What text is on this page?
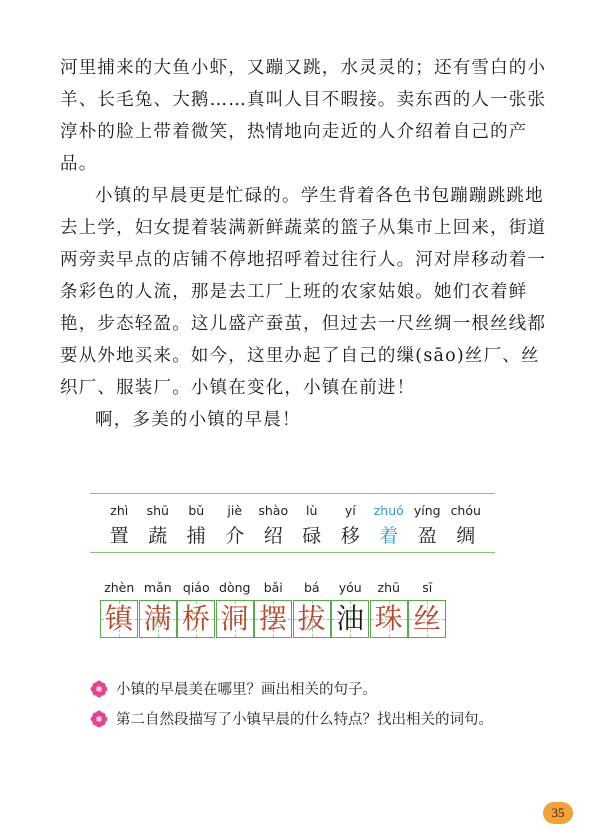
河里捕来的大鱼小虾，又蹦又跳，水灵灵的；还有雪白的小羊、长毛兔、大鹅……真叫人目不暇接。卖东西的人一张张淳朴的脸上带着微笑，热情地向走近的人介绍着自己的产品。

小镇的早晨更是忙碌的。学生背着各色书包蹦蹦跳跳地去上学，妇女提着装满新鲜蔬菜的篮子从集市上回来，街道两旁卖早点的店铺不停地招呼着过往行人。河对岸移动着一条彩色的人流，那是去工厂上班的农家姑娘。她们衣着鲜艳，步态轻盈。这儿盛产蚕茧，但过去一尺丝绸一根丝线都要从外地买来。如今，这里办起了自己的缫(sāo)丝厂、丝织厂、服装厂。小镇在变化，小镇在前进！

啊，多美的小镇的早晨！

zhì
置
shū
蔬
bǔ
捕
jiè
介
shào
绍
lù
碌
yí
移
zhuó
着
yíng
盈
chóu
绸
zhèn
镇
mǎn
满
qiáo
桥
dòng
洞
bǎi
摆
bá
拔
yóu
油
zhū
珠
sī
丝
小镇的早晨美在哪里？画出相关的句子。
第二自然段描写了小镇早晨的什么特点？找出相关的词句。
35
